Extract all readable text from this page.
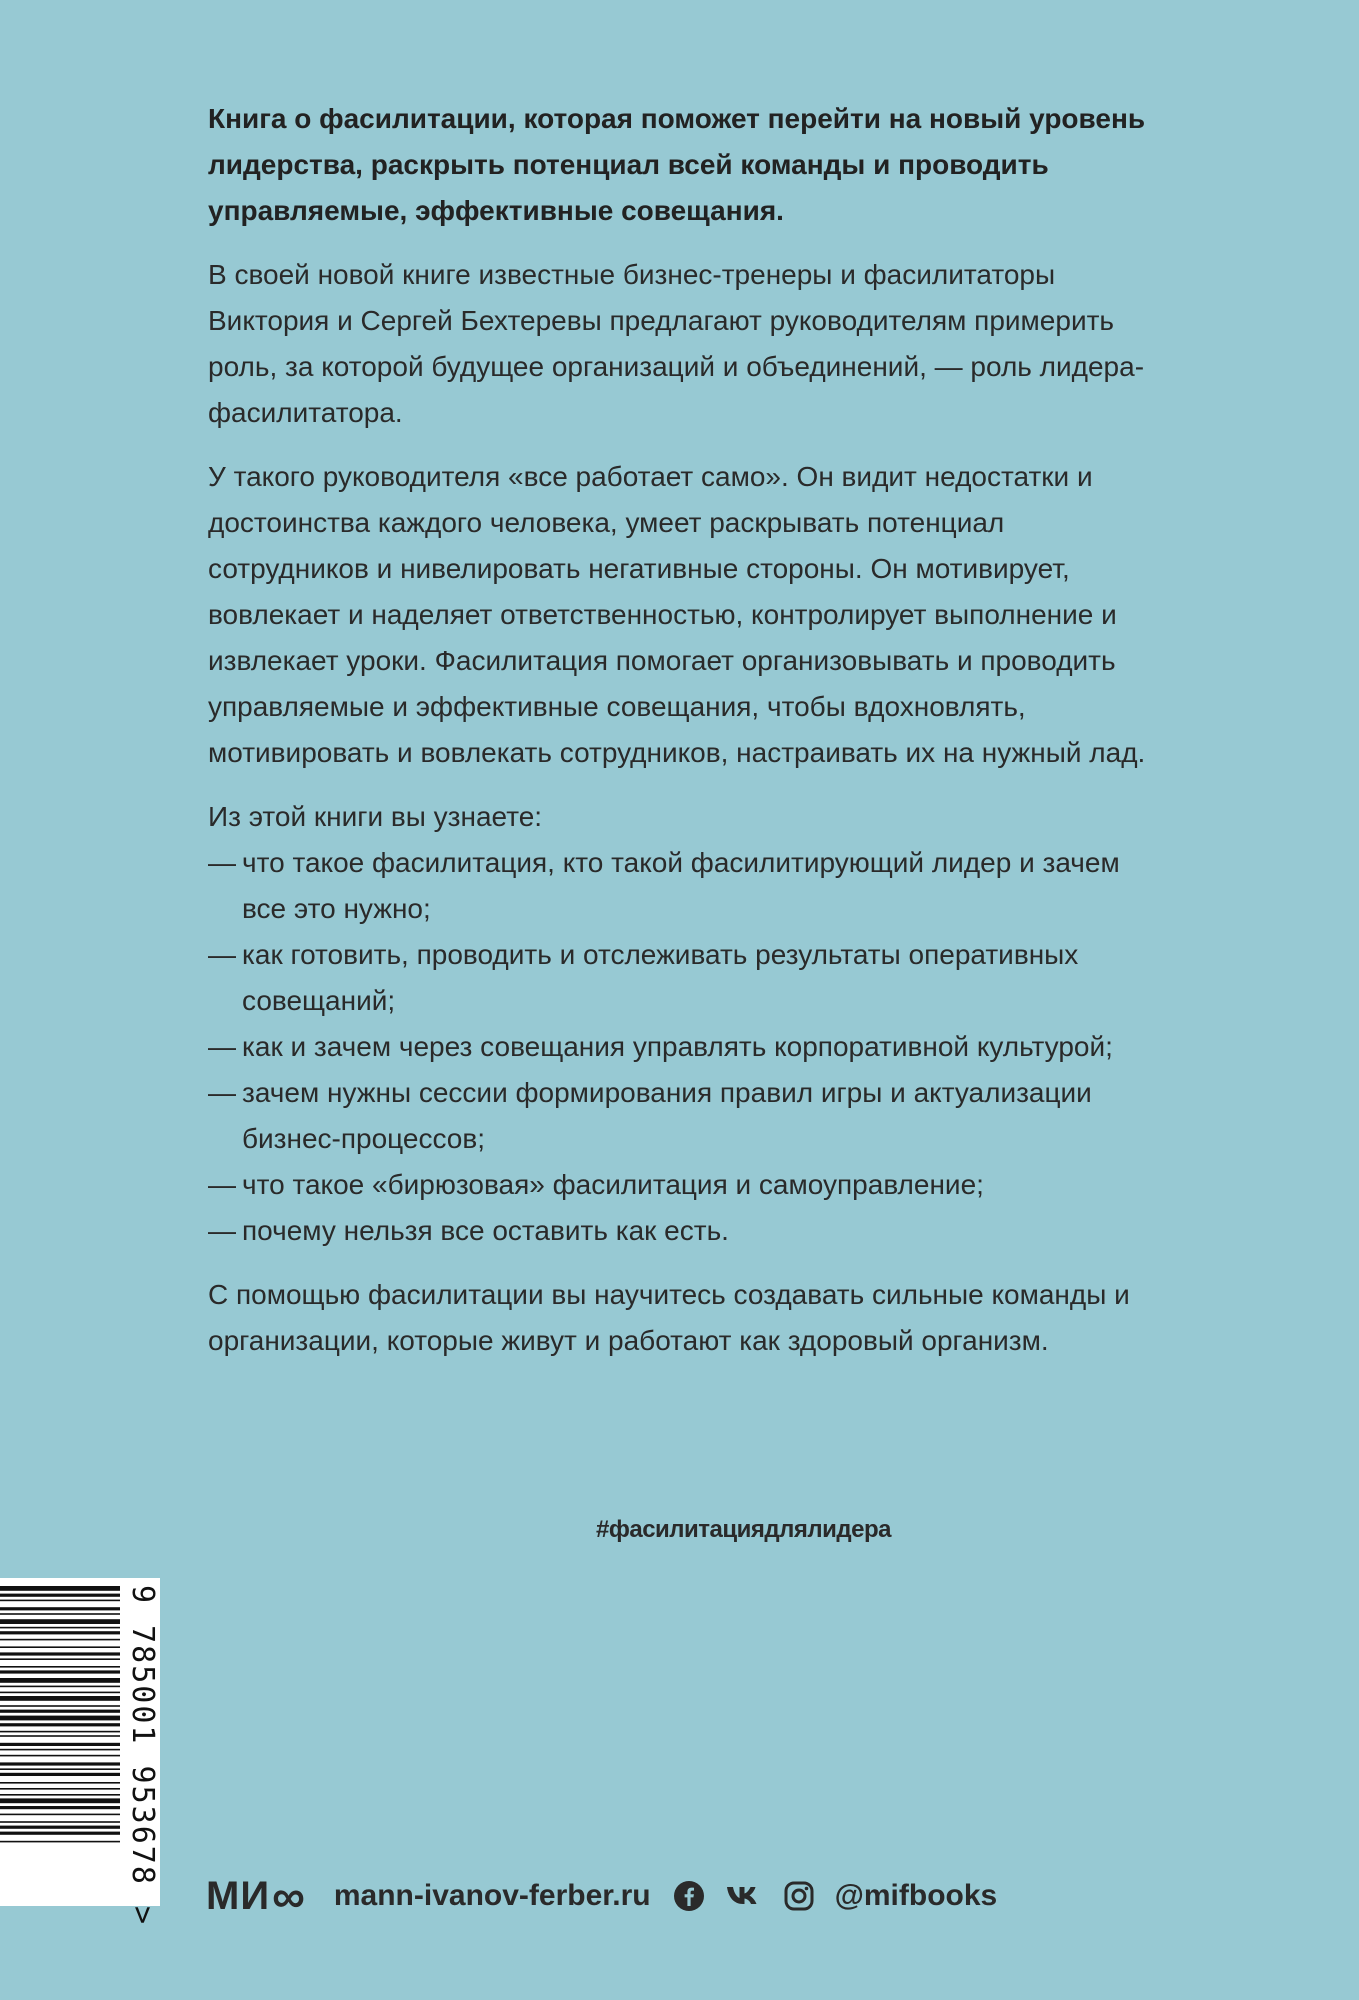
Книга о фасилитации, которая поможет перейти на новый уровень лидерства, раскрыть потенциал всей команды и проводить управляемые, эффективные совещания.

В своей новой книге известные бизнес-тренеры и фасилитаторы Виктория и Сергей Бехтеревы предлагают руководителям примерить роль, за которой будущее организаций и объединений, — роль лидера-фасилитатора.

У такого руководителя «все работает само». Он видит недостатки и достоинства каждого человека, умеет раскрывать потенциал сотрудников и нивелировать негативные стороны. Он мотивирует, вовлекает и наделяет ответственностью, контролирует выполнение и извлекает уроки. Фасилитация помогает организовывать и проводить управляемые и эффективные совещания, чтобы вдохновлять, мотивировать и вовлекать сотрудников, настраивать их на нужный лад.

Из этой книги вы узнаете:

— что такое фасилитация, кто такой фасилитирующий лидер и зачем все это нужно;
— как готовить, проводить и отслеживать результаты оперативных совещаний;
— как и зачем через совещания управлять корпоративной культурой;
— зачем нужны сессии формирования правил игры и актуализации бизнес-процессов;
— что такое «бирюзовая» фасилитация и самоуправление;
— почему нельзя все оставить как есть.

С помощью фасилитации вы научитесь создавать сильные команды и организации, которые живут и работают как здоровый организм.

#фасилитациядлялидера
9 785001 953678 > МИ ∞ mann-ivanov-ferber.ru	@mifbooks
